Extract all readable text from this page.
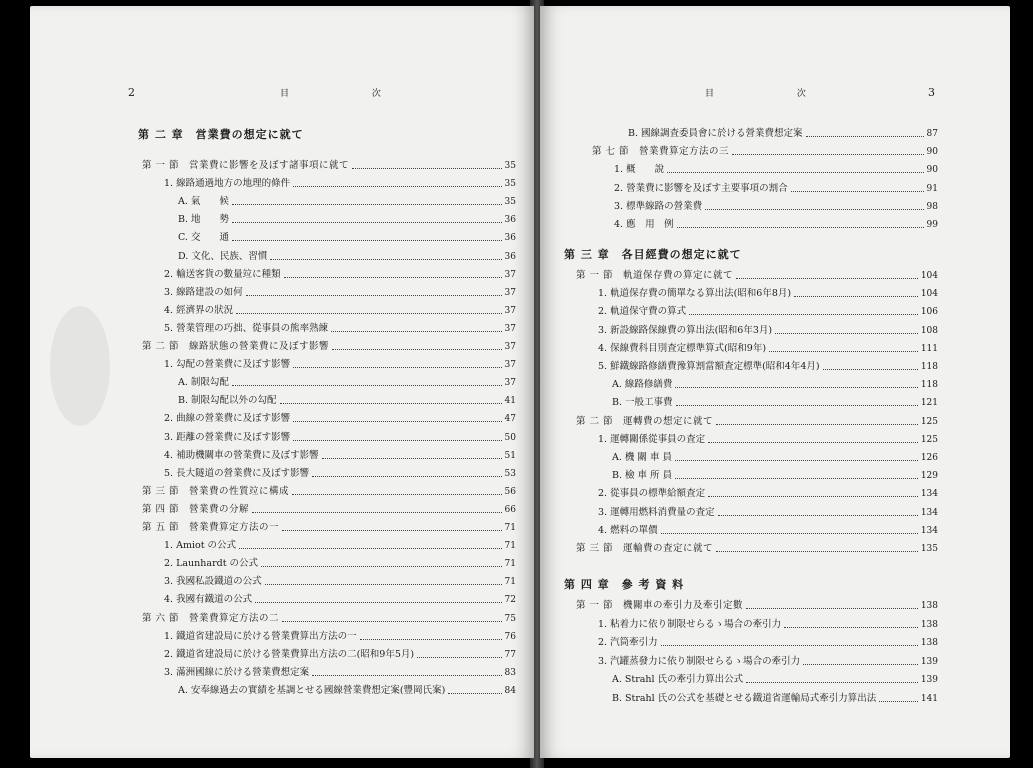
2	目 次
第 二 章　営業費の想定に就て
第 一 節　営業費に影響を及ぼす諸事項に就て	35
1. 線路通過地方の地理的條件	35
A. 氣　　候	35
B. 地　　勢	36
C. 交　　通	36
D. 文化、民族、習慣	36
2. 輸送客貨の數量竝に種類	37
3. 線路建設の如何	37
4. 經濟界の狀況	37
5. 營業管理の巧拙、從事員の熊率熟練	37
第 二 節　線路狀態の營業費に及ぼす影響	37
1. 勾配の營業費に及ぼす影響	37
A. 制限勾配	37
B. 制限勾配以外の勾配	41
2. 曲線の營業費に及ぼす影響	47
3. 距離の營業費に及ぼす影響	50
4. 補助機關車の營業費に及ぼす影響	51
5. 長大隧道の營業費に及ぼす影響	53
第 三 節　營業費の性質竝に構成	56
第 四 節　營業費の分解	66
第 五 節　營業費算定方法の一	71
1. Amiot の公式	71
2. Launhardt の公式	71
3. 我國私設鐵道の公式	71
4. 我國有鐵道の公式	72
第 六 節　營業費算定方法の二	75
1. 鐵道省建設局に於ける營業費算出方法の一	76
2. 鐵道省建設局に於ける營業費算出方法の二(昭和9年5月)	77
3. 滿洲國線に於ける營業費想定案	83
A. 安奉線過去の實績を基調とせる國線營業費想定案(豐岡氏案)	84
目 次	3
B. 國線調査委員會に於ける營業費想定案	87
第 七 節　營業費算定方法の三	90
1. 概　　說	90
2. 營業費に影響を及ぼす主要事項の割合	91
3. 標準線路の營業費	98
4. 應　用　例	99
第 三 章　各目經費の想定に就て
第 一 節　軌道保存費の算定に就て	104
1. 軌道保存費の簡單なる算出法(昭和6年8月)	104
2. 軌道保守費の算式	106
3. 新設線路保線費の算出法(昭和6年3月)	108
4. 保線費科目別査定標準算式(昭和9年)	111
5. 鮮鐵線路修繕費豫算割當額査定標準(昭和4年4月)	118
A. 線路修繕費	118
B. 一般工事費	121
第 二 節　運轉費の想定に就て	125
1. 運轉關係從事員の査定	125
A. 機 關 車 員	126
B. 檢 車 所 員	129
2. 從事員の標準給額査定	134
3. 運轉用燃料消費量の査定	134
4. 燃料の單價	134
第 三 節　運輸費の査定に就て	135
第 四 章　參 考 資 料
第 一 節　機關車の牽引力及牽引定數	138
1. 粘着力に依り制限せらるゝ場合の牽引力	138
2. 汽筒牽引力	138
3. 汽罐蒸發力に依り制限せらるゝ場合の牽引力	139
A. Strahl 氏の牽引力算出公式	139
B. Strahl 氏の公式を基礎とせる鐵道省運輸局式牽引力算出法	141
